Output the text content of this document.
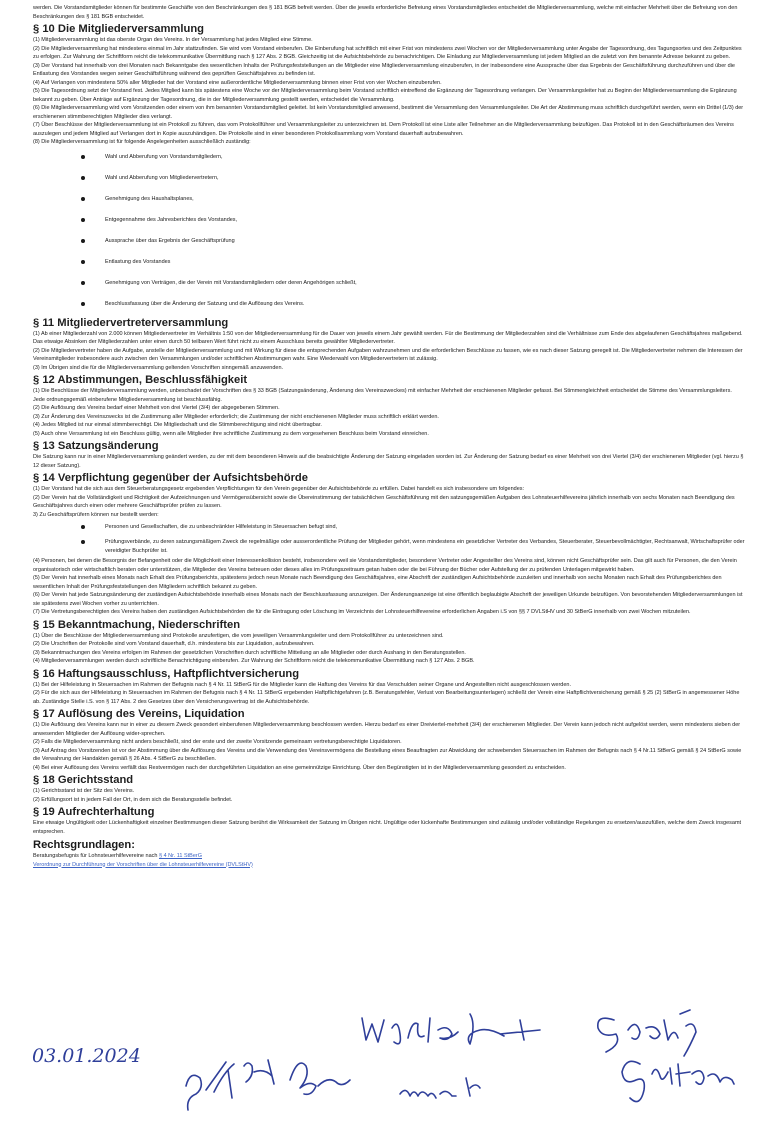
werden. Die Vorstandsmitglieder können für bestimmte Geschäfte von den Beschränkungen des § 181 BGB befreit werden. Über die jeweils erforderliche Befreiung eines Vorstandsmitgliedes entscheidet die Mitgliederversammlung, welche mit einfacher Mehrheit über die Befreiung von den Beschränkungen des § 181 BGB entscheidet.

§ 10 Die Mitgliederversammlung

(1) Mitgliederversammlung ist das oberste Organ des Vereins. In der Versammlung hat jedes Mitglied eine Stimme.

(2) Die Mitgliederversammlung hat mindestens einmal im Jahr stattzufinden. Sie wird vom Vorstand einberufen. Die Einberufung hat schriftlich mit einer Frist von mindestens zwei Wochen vor der Mitgliederversammlung unter Angabe der Tagesordnung, des Tagungsortes und des Zeitpunktes zu erfolgen. Zur Wahrung der Schriftform reicht die telekommunikative Übermittlung nach § 127 Abs. 2 BGB. Gleichzeitig ist die Aufsichtsbehörde zu benachrichtigen. Die Einladung zur Mitgliederversammlung ist jedem Mitglied an die zuletzt von ihm benannte Adresse bekannt zu geben.

(3) Der Vorstand hat innerhalb von drei Monaten nach Bekanntgabe des wesentlichen Inhalts der Prüfungsfeststellungen an die Mitglieder eine Mitgliederversammlung einzuberufen, in der insbesondere eine Aussprache über das Ergebnis der Geschäftsführung durchzuführen und über die Entlastung des Vorstandes wegen seiner Geschäftsführung während des geprüften Geschäftsjahres zu befinden ist.

(4) Auf Verlangen von mindestens 50% aller Mitglieder hat der Vorstand eine außerordentliche Mitgliederversammlung binnen einer Frist von vier Wochen einzuberufen.

(5) Die Tagesordnung setzt der Vorstand fest. Jedes Mitglied kann bis spätestens eine Woche vor der Mitgliederversammlung beim Vorstand schriftlich eintreffend die Ergänzung der Tagesordnung verlangen. Der Versammlungsleiter hat zu Beginn der Mitgliederversammlung die Ergänzung bekannt zu geben. Über Anträge auf Ergänzung der Tagesordnung, die in der Mitgliederversammlung gestellt werden, entscheidet die Versammlung.

(6) Die Mitgliederversammlung wird vom Vorsitzenden oder einem von ihm benannten Vorstandsmitglied geleitet. Ist kein Vorstandsmitglied anwesend, bestimmt die Versammlung den Versammlungsleiter. Die Art der Abstimmung muss schriftlich durchgeführt werden, wenn ein Drittel (1/3) der erschienenen stimmberechtigten Mitglieder dies verlangt.

(7) Über Beschlüsse der Mitgliederversammlung ist ein Protokoll zu führen, das vom Protokollführer und Versammlungsleiter zu unterzeichnen ist. Dem Protokoll ist eine Liste aller Teilnehmer an die Mitgliederversammlung beizufügen. Das Protokoll ist in den Geschäftsräumen des Vereins auszulegen und jedem Mitglied auf Verlangen dort in Kopie auszuhändigen. Die Protokolle sind in einer besonderen Protokollsammlung vom Vorstand dauerhaft aufzubewahren.

(8) Die Mitgliederversammlung ist für folgende Angelegenheiten ausschließlich zuständig:

Wahl und Abberufung von Vorstandsmitgliedern,
Wahl und Abberufung von Mitgliedervertretern,
Genehmigung des Haushaltsplanes,
Entgegennahme des Jahresberichtes des Vorstandes,
Aussprache über das Ergebnis der Geschäftsprüfung
Entlastung des Vorstandes
Genehmigung von Verträgen, die der Verein mit Vorstandsmitgliedern oder deren Angehörigen schließt,
Beschlussfassung über die Änderung der Satzung und die Auflösung des Vereins.
§ 11 Mitgliedervertreterversammlung

(1) Ab einer Mitgliederzahl von 2.000 können Mitgliedervertreter im Verhältnis 1:50 von der Mitgliederversammlung für die Dauer von jeweils einem Jahr gewählt werden. Für die Bestimmung der Mitgliederzahlen sind die Verhältnisse zum Ende des abgelaufenen Geschäftsjahres maßgebend. Das etwaige Absinken der Mitgliederzahlen unter einen durch 50 teilbaren Wert führt nicht zu einem Ausschluss bereits gewählter Mitgliedervertreter.

(2) Die Mitgliedervertreter haben die Aufgabe, anstelle der Mitgliederversammlung und mit Wirkung für diese die entsprechenden Aufgaben wahrzunehmen und die erforderlichen Beschlüsse zu fassen, wie es nach dieser Satzung geregelt ist. Die Mitgliedervertreter nehmen die Interessen der Vereinsmitglieder insbesondere auch zwischen den Versammlungen und/oder schriftlichen Abstimmungen wahr. Eine Wiederwahl von Mitgliedervertretern ist zulässig.

(3) Im Übrigen sind die für die Mitgliederversammlung geltenden Vorschriften sinngemäß anzuwenden.

§ 12 Abstimmungen, Beschlussfähigkeit

(1) Die Beschlüsse der Mitgliederversammlung werden, unbeschadet der Vorschriften des § 33 BGB (Satzungsänderung, Änderung des Vereinszweckes) mit einfacher Mehrheit der erschienenen Mitglieder gefasst. Bei Stimmengleichheit entscheidet die Stimme des Versammlungsleiters. Jede ordnungsgemäß einberufene Mitgliederversammlung ist beschlussfähig.

(2) Die Auflösung des Vereins bedarf einer Mehrheit von drei Viertel (3/4) der abgegebenen Stimmen.

(3) Zur Änderung des Vereinszwecks ist die Zustimmung aller Mitglieder erforderlich; die Zustimmung der nicht erschienenen Mitglieder muss schriftlich erklärt werden.

(4) Jedes Mitglied ist nur einmal stimmberechtigt. Die Mitgliedschaft und die Stimmberechtigung sind nicht übertragbar.

(5) Auch ohne Versammlung ist ein Beschluss gültig, wenn alle Mitglieder ihre schriftliche Zustimmung zu dem vorgesehenen Beschluss beim Vorstand einreichen.

§ 13 Satzungsänderung

Die Satzung kann nur in einer Mitgliederversammlung geändert werden, zu der mit dem besonderen Hinweis auf die beabsichtigte Änderung der Satzung eingeladen worden ist. Zur Änderung der Satzung bedarf es einer Mehrheit von drei Viertel (3/4) der erschienenen Mitglieder (vgl. hierzu § 12 dieser Satzung).

§ 14 Verpflichtung gegenüber der Aufsichtsbehörde

(1) Der Vorstand hat die sich aus dem Steuerberatungsgesetz ergebenden Verpflichtungen für den Verein gegenüber der Aufsichtsbehörde zu erfüllen. Dabei handelt es sich insbesondere um folgendes:

(2) Der Verein hat die Vollständigkeit und Richtigkeit der Aufzeichnungen und Vermögensübersicht sowie die Übereinstimmung der tatsächlichen Geschäftsführung mit den satzungsgemäßen Aufgaben des Lohnsteuerhilfevereins jährlich innerhalb von sechs Monaten nach Beendigung des Geschäftsjahres durch einen oder mehrere Geschäftsprüfer prüfen zu lassen.

3) Zu Geschäftsprüfern können nur bestellt werden:

Personen und Gesellschaften, die zu unbeschränkter Hilfeleistung in Steuersachen befugt sind,
Prüfungsverbände, zu deren satzungsmäßigem Zweck die regelmäßige oder ausserordentliche Prüfung der Mitglieder gehört, wenn mindestens ein gesetzlicher Vertreter des Verbandes, Steuerberater, Steuerbevollmächtigter, Rechtsanwalt, Wirtschaftsprüfer oder vereidigter Buchprüfer ist.

(4) Personen, bei denen die Besorgnis der Befangenheit oder die Möglichkeit einer Interessenkollision besteht, insbesondere weil sie Vorstandsmitglieder, besonderer Vertreter oder Angestellter des Vereins sind, können nicht Geschäftsprüfer sein. Das gilt auch für Personen, die den Verein organisatorisch oder wirtschaftlich beraten oder unterstützen, die Mitglieder des Vereins betreuen oder dieses alles im Prüfungszeitraum getan haben oder die bei Führung der Bücher oder Aufstellung der zu prüfenden Unterlagen mitgewirkt haben.

(5) Der Verein hat innerhalb eines Monats nach Erhalt des Prüfungsberichts, spätestens jedoch neun Monate nach Beendigung des Geschäftsjahres, eine Abschrift der zuständigen Aufsichtsbehörde zuzuleiten und innerhalb von sechs Monaten nach Erhalt des Prüfungsberichtes den wesentlichen Inhalt der Prüfungsfeststellungen den Mitgliedern schriftlich bekannt zu geben.

(6) Der Verein hat jede Satzungsänderung der zuständigen Aufsichtsbehörde innerhalb eines Monats nach der Beschlussfassung anzuzeigen. Der Änderungsanzeige ist eine öffentlich beglaubigte Abschrift der jeweiligen Urkunde beizufügen. Von bevorstehenden Mitgliederversammlungen ist sie spätestens zwei Wochen vorher zu unterrichten.

(7) Die Vertretungsberechtigten des Vereins haben den zuständigen Aufsichtsbehörden die für die Eintragung oder Löschung im Verzeichnis der Lohnsteuerhilfevereine erforderlichen Angaben i.S von §§ 7 DVLStHV und 30 StBerG innerhalb von zwei Wochen mitzuteilen.

§ 15 Bekanntmachung, Niederschriften

(1) Über die Beschlüsse der Mitgliederversammlung sind Protokolle anzufertigen, die vom jeweiligen Versammlungsleiter und dem Protokollführer zu unterzeichnen sind.

(2) Die Urschriften der Protokolle sind vom Vorstand dauerhaft, d.h. mindestens bis zur Liquidation, aufzubewahren.

(3) Bekanntmachungen des Vereins erfolgen im Rahmen der gesetzlichen Vorschriften durch schriftliche Mitteilung an alle Mitglieder oder durch Aushang in den Beratungsstellen.

(4) Mitgliederversammlungen werden durch schriftliche Benachrichtigung einberufen. Zur Wahrung der Schriftform reicht die telekommunikative Übermittlung nach § 127 Abs. 2 BGB.

§ 16 Haftungsausschluss, Haftpflichtversicherung

(1) Bei der Hilfeleistung in Steuersachen im Rahmen der Befugnis nach § 4 Nr. 11 StBerG für die Mitglieder kann die Haftung des Vereins für das Verschulden seiner Organe und Angestellten nicht ausgeschlossen werden.

(2) Für die sich aus der Hilfeleistung in Steuersachen im Rahmen der Befugnis nach § 4 Nr. 11 StBerG ergebenden Haftpflichtgefahren (z.B. Beratungsfehler, Verlust von Bearbeitungsunterlagen) schließt der Verein eine Haftpflichtversicherung gemäß § 25 (2) StBerG in angemessener Höhe ab. Zuständige Stelle i.S. von § 117 Abs. 2 des Gesetzes über den Versicherungsvertrag ist die Aufsichtsbehörde.

§ 17 Auflösung des Vereins, Liquidation

(1) Die Auflösung des Vereins kann nur in einer zu diesem Zweck gesondert einberufenen Mitgliederversammlung beschlossen werden. Hierzu bedarf es einer Dreiviertel-mehrheit (3/4) der erschienenen Mitglieder. Der Verein kann jedoch nicht aufgelöst werden, wenn mindestens sieben der anwesenden Mitglieder der Auflösung wider-sprechen.

(2) Falls die Mitgliederversammlung nicht anders beschließt, sind der erste und der zweite Vorsitzende gemeinsam vertretungsberechtigte Liquidatoren.

(3) Auf Antrag des Vorsitzenden ist vor der Abstimmung über die Auflösung des Vereins und die Verwendung des Vereinsvermögens die Bestellung eines Beauftragten zur Abwicklung der schwebenden Steuersachen im Rahmen der Befugnis nach § 4 Nr.11 StBerG gemäß § 24 StBerG sowie die Verwahrung der Handakten gemäß § 26 Abs. 4 StBerG zu beschließen.

(4) Bei einer Auflösung des Vereins verfällt das Restvermögen nach der durchgeführten Liquidation an eine gemeinnützige Einrichtung. Über den Begünstigten ist in der Mitgliederversammlung gesondert zu entscheiden.

§ 18 Gerichtsstand

(1) Gerichtsstand ist der Sitz des Vereins.

(2) Erfüllungsort ist in jedem Fall der Ort, in dem sich die Beratungsstelle befindet.

§ 19 Aufrechterhaltung

Eine etwaige Ungültigkeit oder Lückenhaftigkeit einzelner Bestimmungen dieser Satzung berührt die Wirksamkeit der Satzung im Übrigen nicht. Ungültige oder lückenhafte Bestimmungen sind zulässig und/oder vollständige Regelungen zu ersetzen/auszufüllen, welche dem Zweck insgesamt entsprechen.

Rechtsgrundlagen:

Beratungsbefugnis für Lohnsteuerhilfevereine nach § 4 Nr. 11 StBerG

Verordnung zur Durchführung der Vorschriften über die Lohnsteuerhilfevereine (DVLStHV)

03.01.2024
